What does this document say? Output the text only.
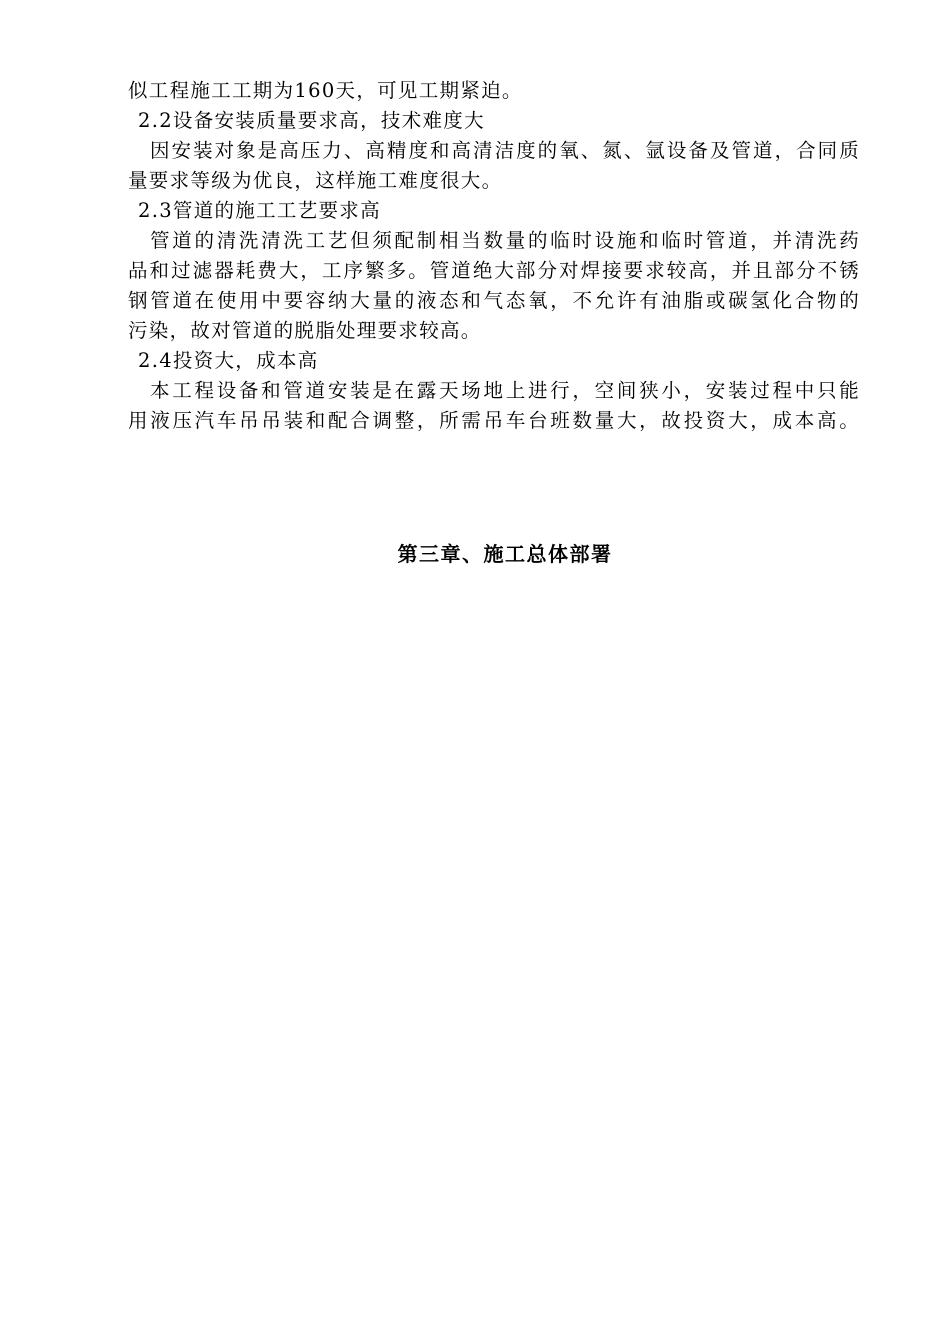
似工程施工工期为160天，可见工期紧迫。
2.2设备安装质量要求高，技术难度大
因安装对象是高压力、高精度和高清洁度的氧、氮、氩设备及管道，合同质
量要求等级为优良，这样施工难度很大。
2.3管道的施工工艺要求高
管道的清洗清洗工艺但须配制相当数量的临时设施和临时管道，并清洗药
品和过滤器耗费大，工序繁多。管道绝大部分对焊接要求较高，并且部分不锈
钢管道在使用中要容纳大量的液态和气态氧，不允许有油脂或碳氢化合物的
污染，故对管道的脱脂处理要求较高。
2.4投资大，成本高
本工程设备和管道安装是在露天场地上进行，空间狭小，安装过程中只能
用液压汽车吊吊装和配合调整，所需吊车台班数量大，故投资大，成本高。
第三章、施工总体部署
